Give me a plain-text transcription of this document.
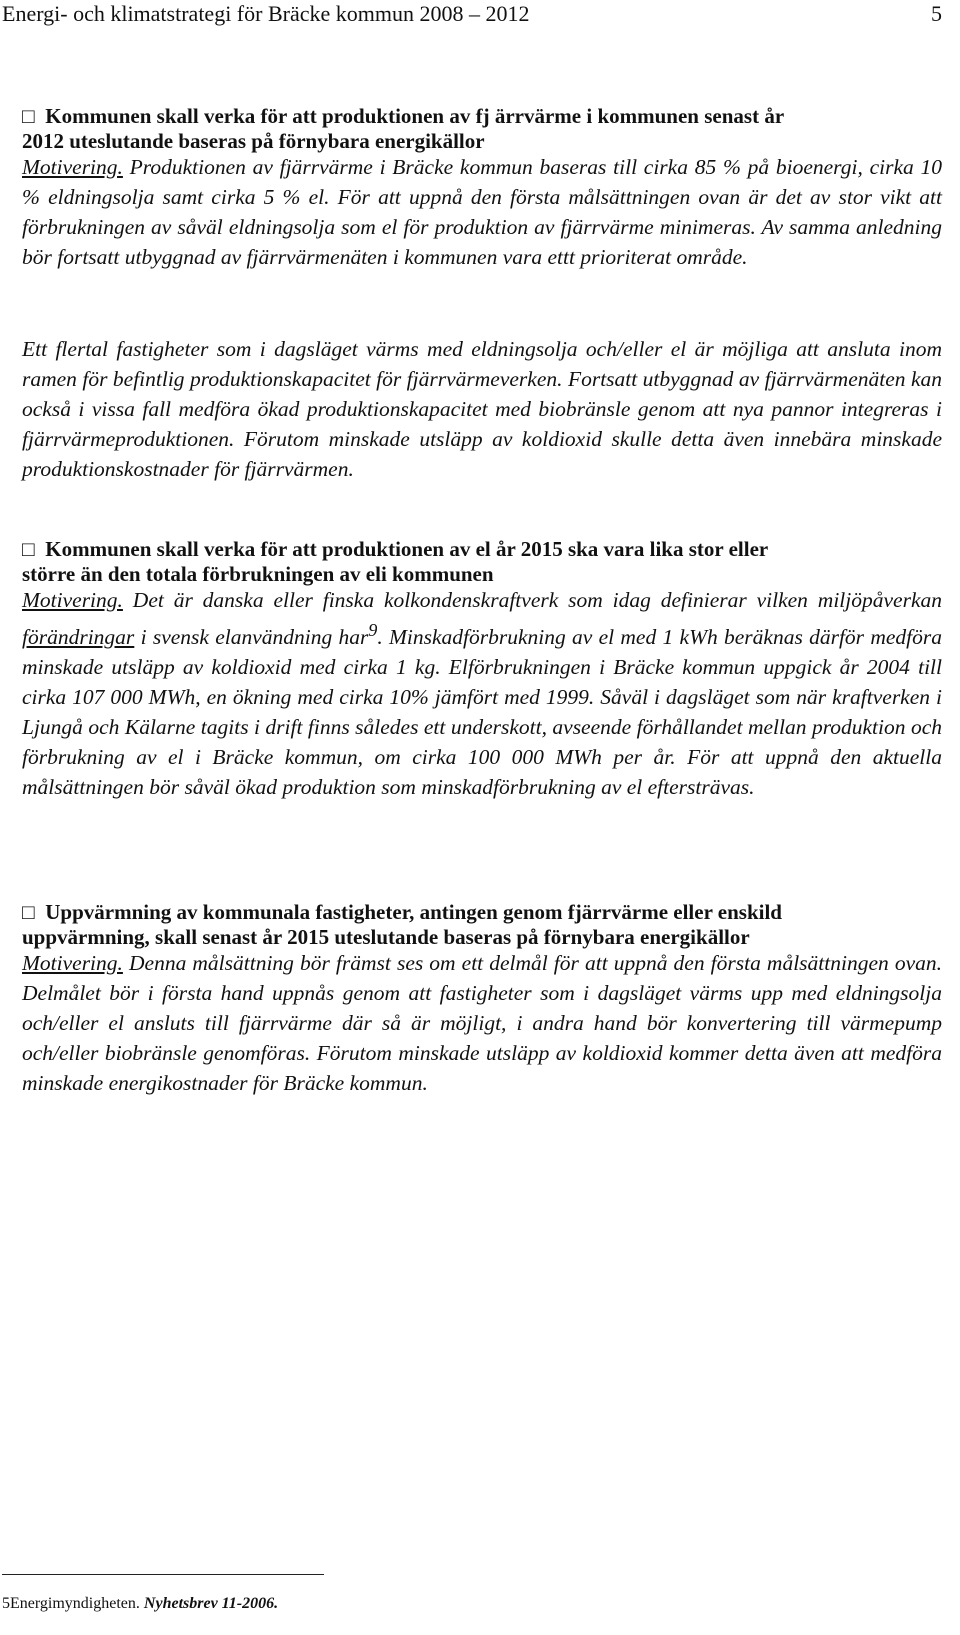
Energi- och klimatstrategi för Bräcke kommun 2008 – 2012	5
□ Kommunen skall verka för att produktionen av fj ärrvärme i kommunen senast år
2012 uteslutande baseras på förnybara energikällor
Motivering. Produktionen av fjärrvärme i Bräcke kommun baseras till cirka 85 % på bioenergi, cirka 10 % eldningsolja samt cirka 5 % el. För att uppnå den första målsättningen ovan är det av stor vikt att förbrukningen av såväl eldningsolja som el för produktion av fjärrvärme minimeras. Av samma anledning bör fortsatt utbyggnad av fjärrvärmenäten i kommunen vara ettt prioriterat område.
Ett flertal fastigheter som i dagsläget värms med eldningsolja och/eller el är möjliga att ansluta inom ramen för befintlig produktionskapacitet för fjärrvärmeverken. Fortsatt utbyggnad av fjärrvärmenäten kan också i vissa fall medföra ökad produktionskapacitet med biobränsle genom att nya pannor integreras i fjärrvärmeproduktionen. Förutom minskade utsläpp av koldioxid skulle detta även innebära minskade produktionskostnader för fjärrvärmen.
□ Kommunen skall verka för att produktionen av el år 2015 ska vara lika stor eller
större än den totala förbrukningen av eli kommunen
Motivering. Det är danska eller finska kolkondenskraftverk som idag definierar vilken miljöpåverkan förändringar i svensk elanvändning har$^9$. Minskadförbrukning av el med 1 kWh beräknas därför medföra minskade utsläpp av koldioxid med cirka 1 kg. Elförbrukningen i Bräcke kommun uppgick år 2004 till cirka 107 000 MWh, en ökning med cirka 10% jämfört med 1999. Såväl i dagsläget som när kraftverken i Ljungå och Kälarne tagits i drift finns således ett underskott, avseende förhållandet mellan produktion och förbrukning av el i Bräcke kommun, om cirka 100 000 MWh per år. För att uppnå den aktuella målsättningen bör såväl ökad produktion som minskadförbrukning av el eftersträvas.
□ Uppvärmning av kommunala fastigheter, antingen genom fjärrvärme eller enskild
uppvärmning, skall senast år 2015 uteslutande baseras på förnybara energikällor
Motivering. Denna målsättning bör främst ses om ett delmål för att uppnå den första målsättningen ovan. Delmålet bör i första hand uppnås genom att fastigheter som i dagsläget värms upp med eldningsolja och/eller el ansluts till fjärrvärme där så är möjligt, i andra hand bör konvertering till värmepump och/eller biobränsle genomföras. Förutom minskade utsläpp av koldioxid kommer detta även att medföra minskade energikostnader för Bräcke kommun.
5Energimyndigheten. Nyhetsbrev 11-2006.
